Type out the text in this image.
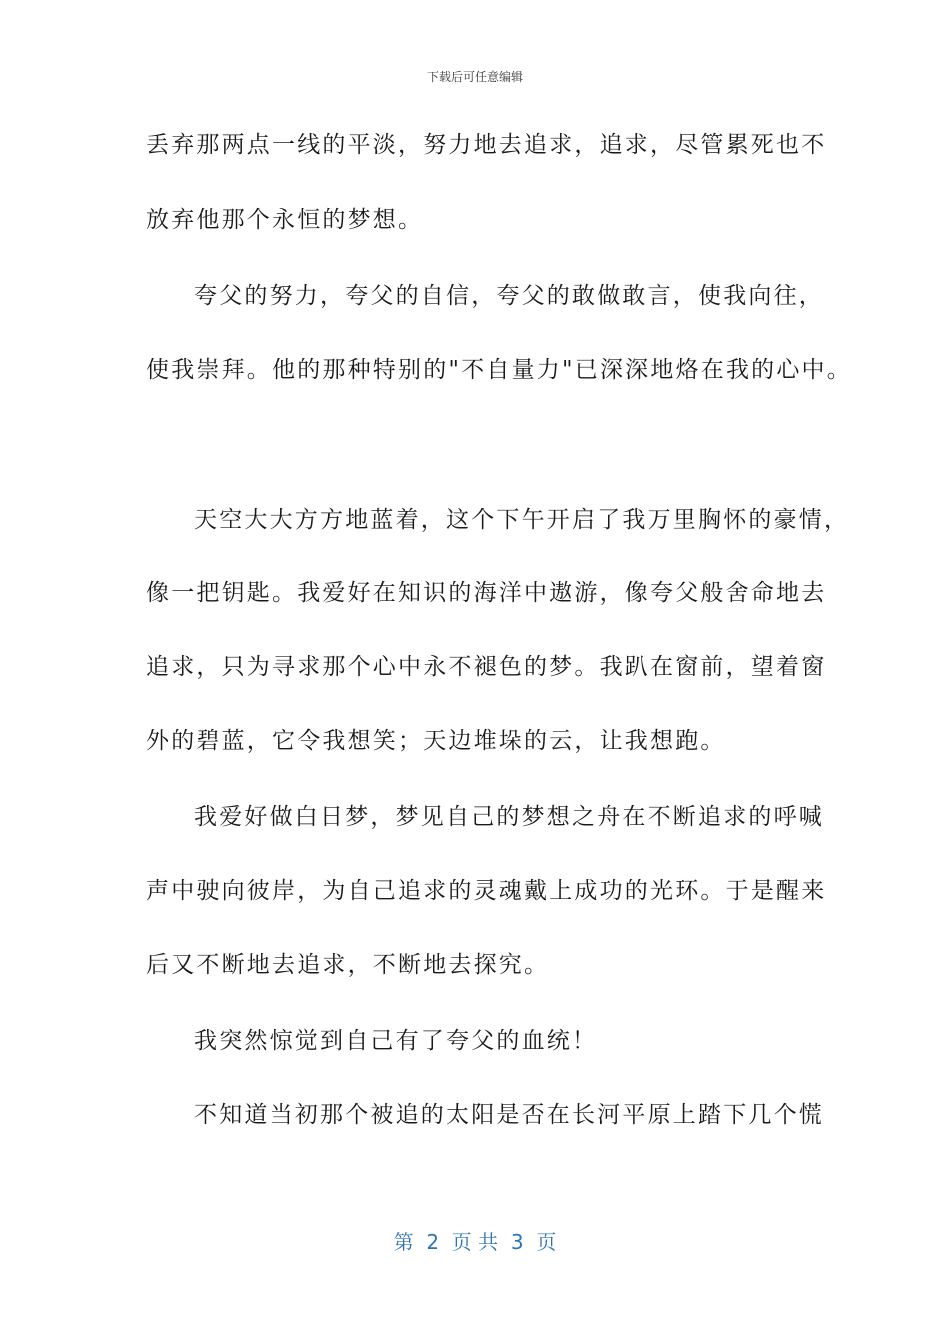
下载后可任意编辑
丢弃那两点一线的平淡，努力地去追求，追求，尽管累死也不
放弃他那个永恒的梦想。
夸父的努力，夸父的自信，夸父的敢做敢言，使我向往，
使我崇拜。他的那种特别的"不自量力"已深深地烙在我的心中。
天空大大方方地蓝着，这个下午开启了我万里胸怀的豪情，
像一把钥匙。我爱好在知识的海洋中遨游，像夸父般舍命地去
追求，只为寻求那个心中永不褪色的梦。我趴在窗前，望着窗
外的碧蓝，它令我想笑；天边堆垛的云，让我想跑。
我爱好做白日梦，梦见自己的梦想之舟在不断追求的呼喊
声中驶向彼岸，为自己追求的灵魂戴上成功的光环。于是醒来
后又不断地去追求，不断地去探究。
我突然惊觉到自己有了夸父的血统！
不知道当初那个被追的太阳是否在长河平原上踏下几个慌
第  2  页 共  3  页
